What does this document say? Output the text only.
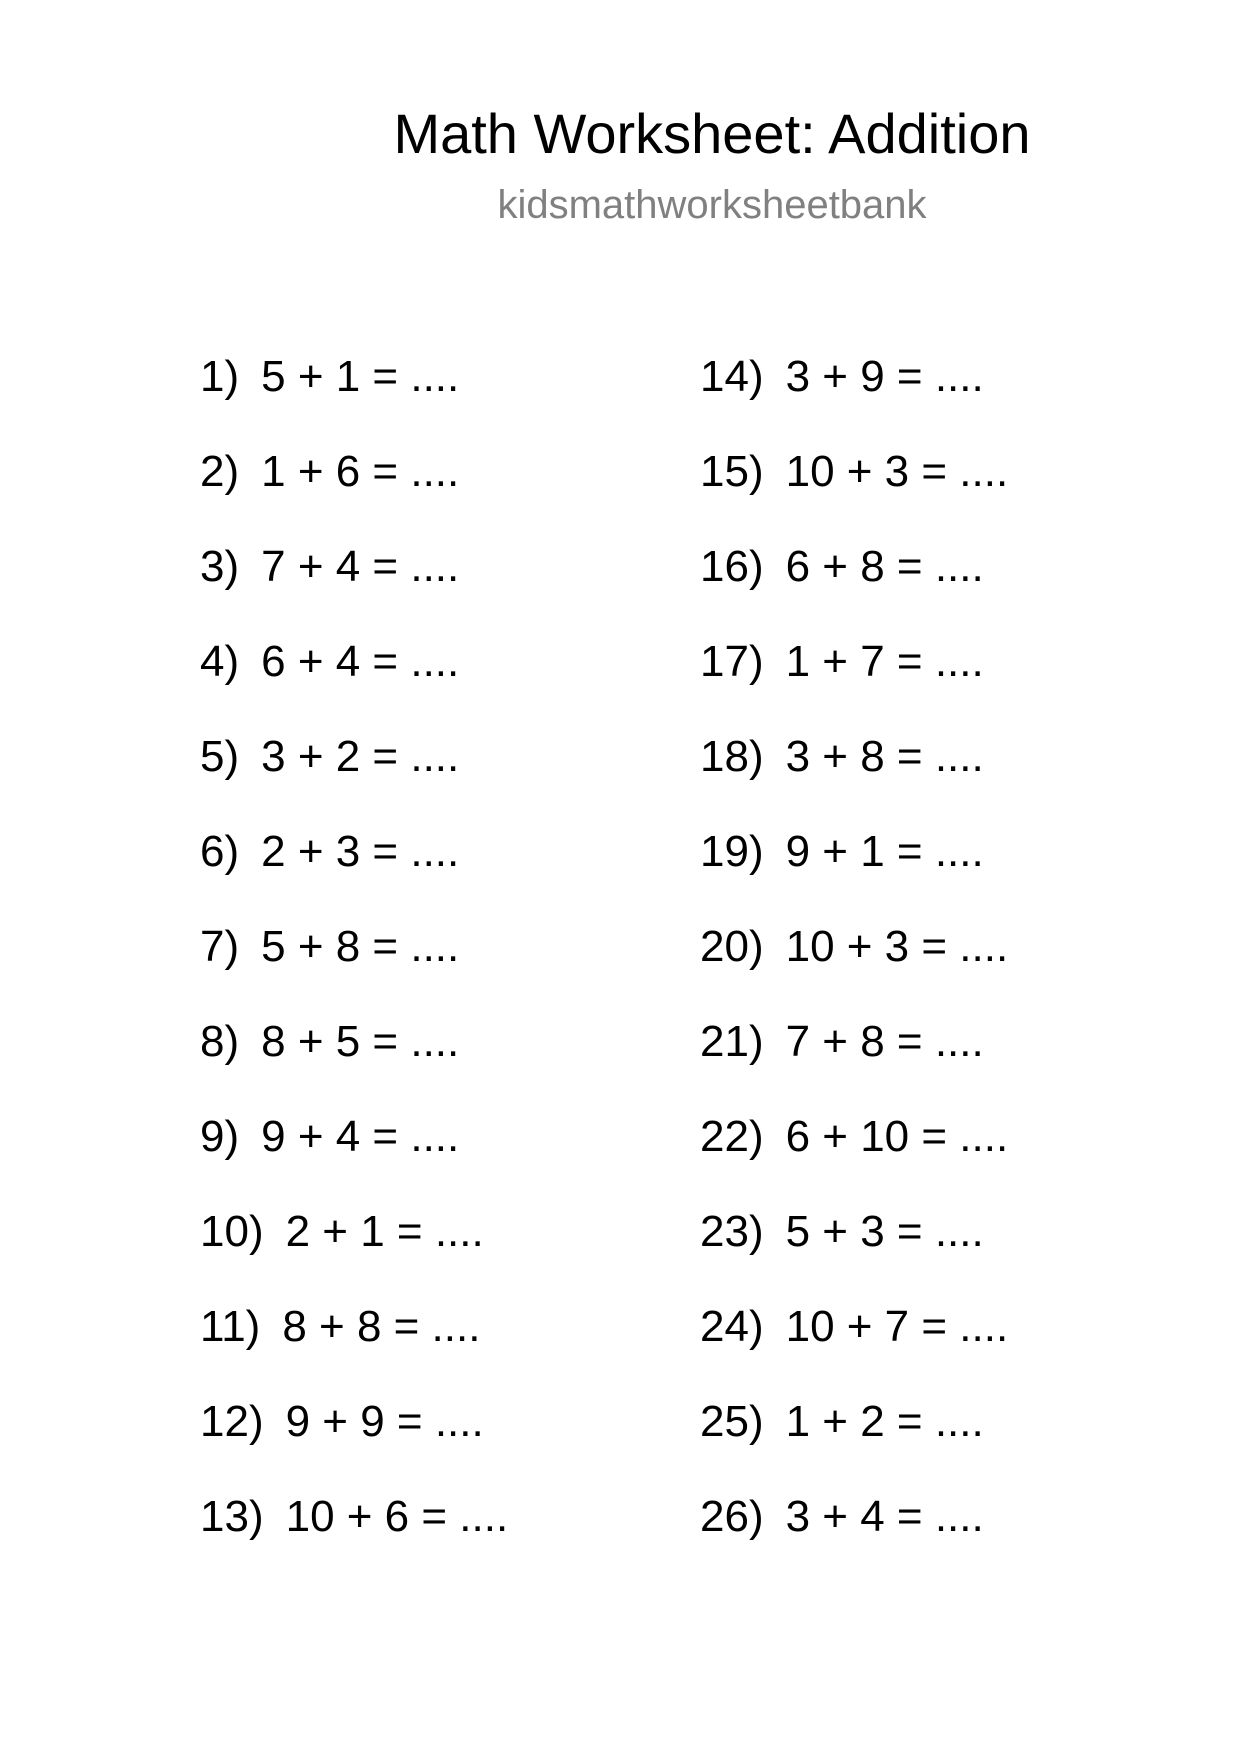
Math Worksheet: Addition
kidsmathworksheetbank
1) 5 + 1 = ....
2) 1 + 6 = ....
3) 7 + 4 = ....
4) 6 + 4 = ....
5) 3 + 2 = ....
6) 2 + 3 = ....
7) 5 + 8 = ....
8) 8 + 5 = ....
9) 9 + 4 = ....
10) 2 + 1 = ....
11) 8 + 8 = ....
12) 9 + 9 = ....
13) 10 + 6 = ....
14) 3 + 9 = ....
15) 10 + 3 = ....
16) 6 + 8 = ....
17) 1 + 7 = ....
18) 3 + 8 = ....
19) 9 + 1 = ....
20) 10 + 3 = ....
21) 7 + 8 = ....
22) 6 + 10 = ....
23) 5 + 3 = ....
24) 10 + 7 = ....
25) 1 + 2 = ....
26) 3 + 4 = ....
